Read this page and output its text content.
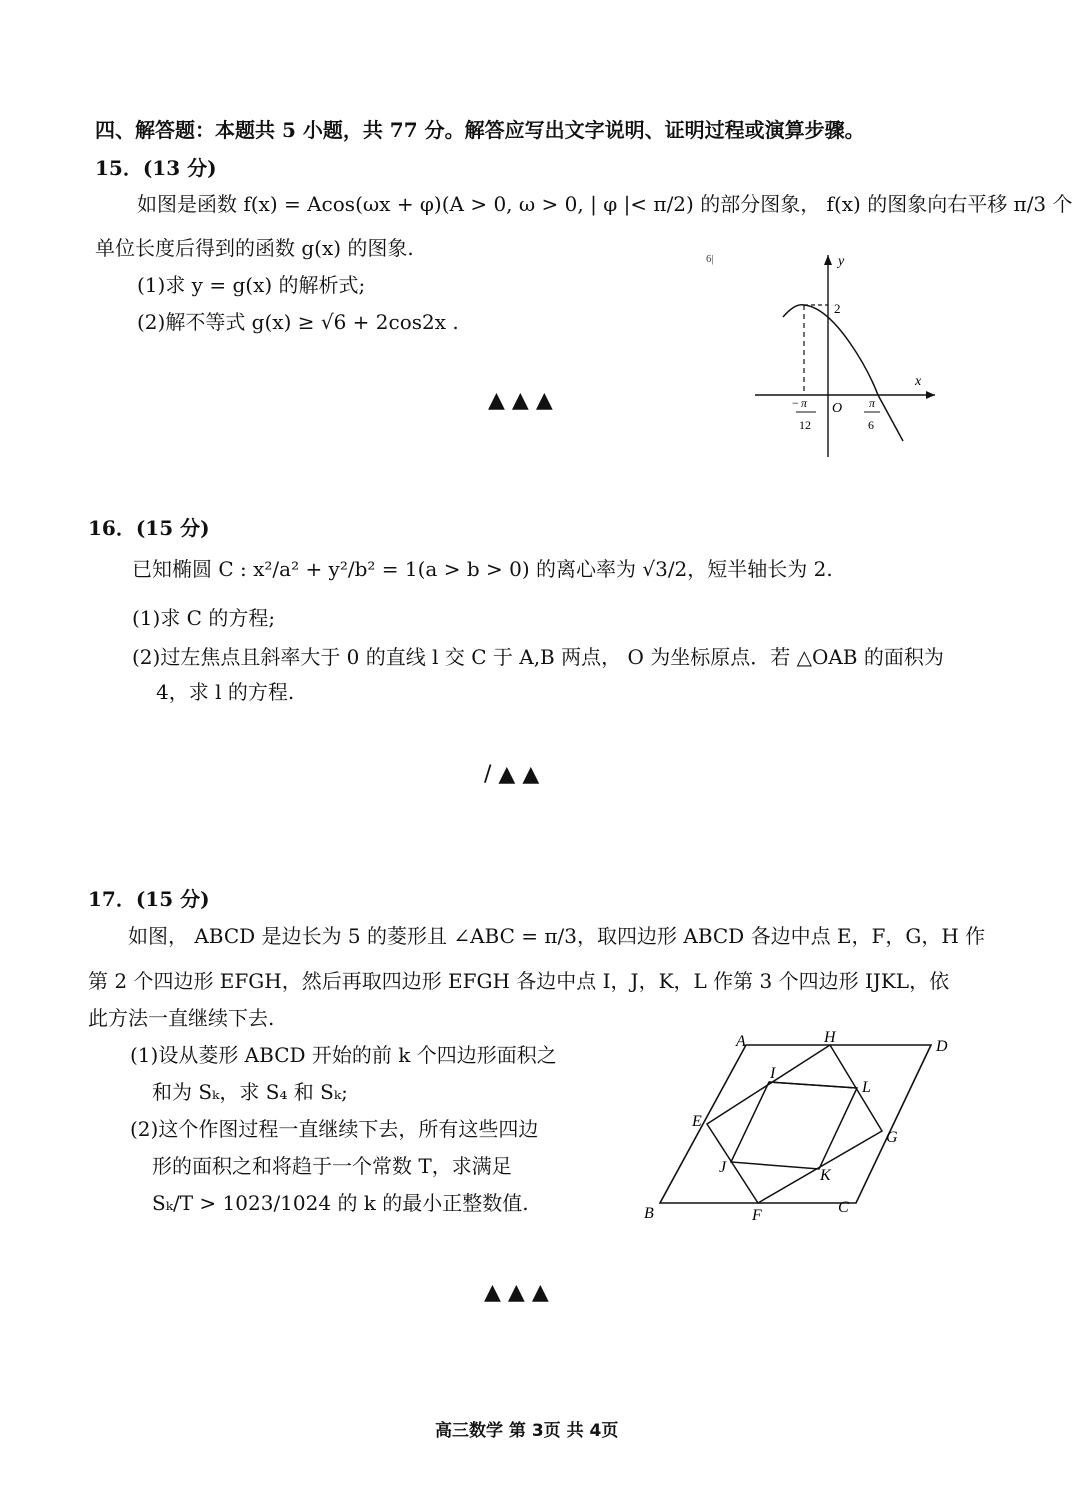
四、解答题：本题共 5 小题，共 77 分。解答应写出文字说明、证明过程或演算步骤。
15．(13 分)
如图是函数 f(x) = Acos(ωx + φ)(A > 0, ω > 0, | φ |< π/2) 的部分图象， f(x) 的图象向右平移 π/3 个
单位长度后得到的函数 g(x) 的图象.
(1)求 y = g(x) 的解析式;
(2)解不等式 g(x) ≥ √6 + 2cos2x .
▲ ▲ ▲
6|	y
x
O
2
− π
12
π
6
16．(15 分)
已知椭圆 C : x²/a² + y²/b² = 1(a > b > 0) 的离心率为 √3/2，短半轴长为 2.
(1)求 C 的方程;
(2)过左焦点且斜率大于 0 的直线 l 交 C 于 A,B 两点， O 为坐标原点．若 △OAB 的面积为
4，求 l 的方程.
/ ▲ ▲
17．(15 分)
如图， ABCD 是边长为 5 的菱形且 ∠ABC = π/3，取四边形 ABCD 各边中点 E，F，G，H 作
第 2 个四边形 EFGH，然后再取四边形 EFGH 各边中点 I，J，K，L 作第 3 个四边形 IJKL，依
此方法一直继续下去.
(1)设从菱形 ABCD 开始的前 k 个四边形面积之
和为 Sₖ，求 S₄ 和 Sₖ;
(2)这个作图过程一直继续下去，所有这些四边
形的面积之和将趋于一个常数 T，求满足
Sₖ/T > 1023/1024 的 k 的最小正整数值.
A	D
C
B
E
F
G
H
I
J	K
L
▲ ▲ ▲
高三数学 第 3页 共 4页
